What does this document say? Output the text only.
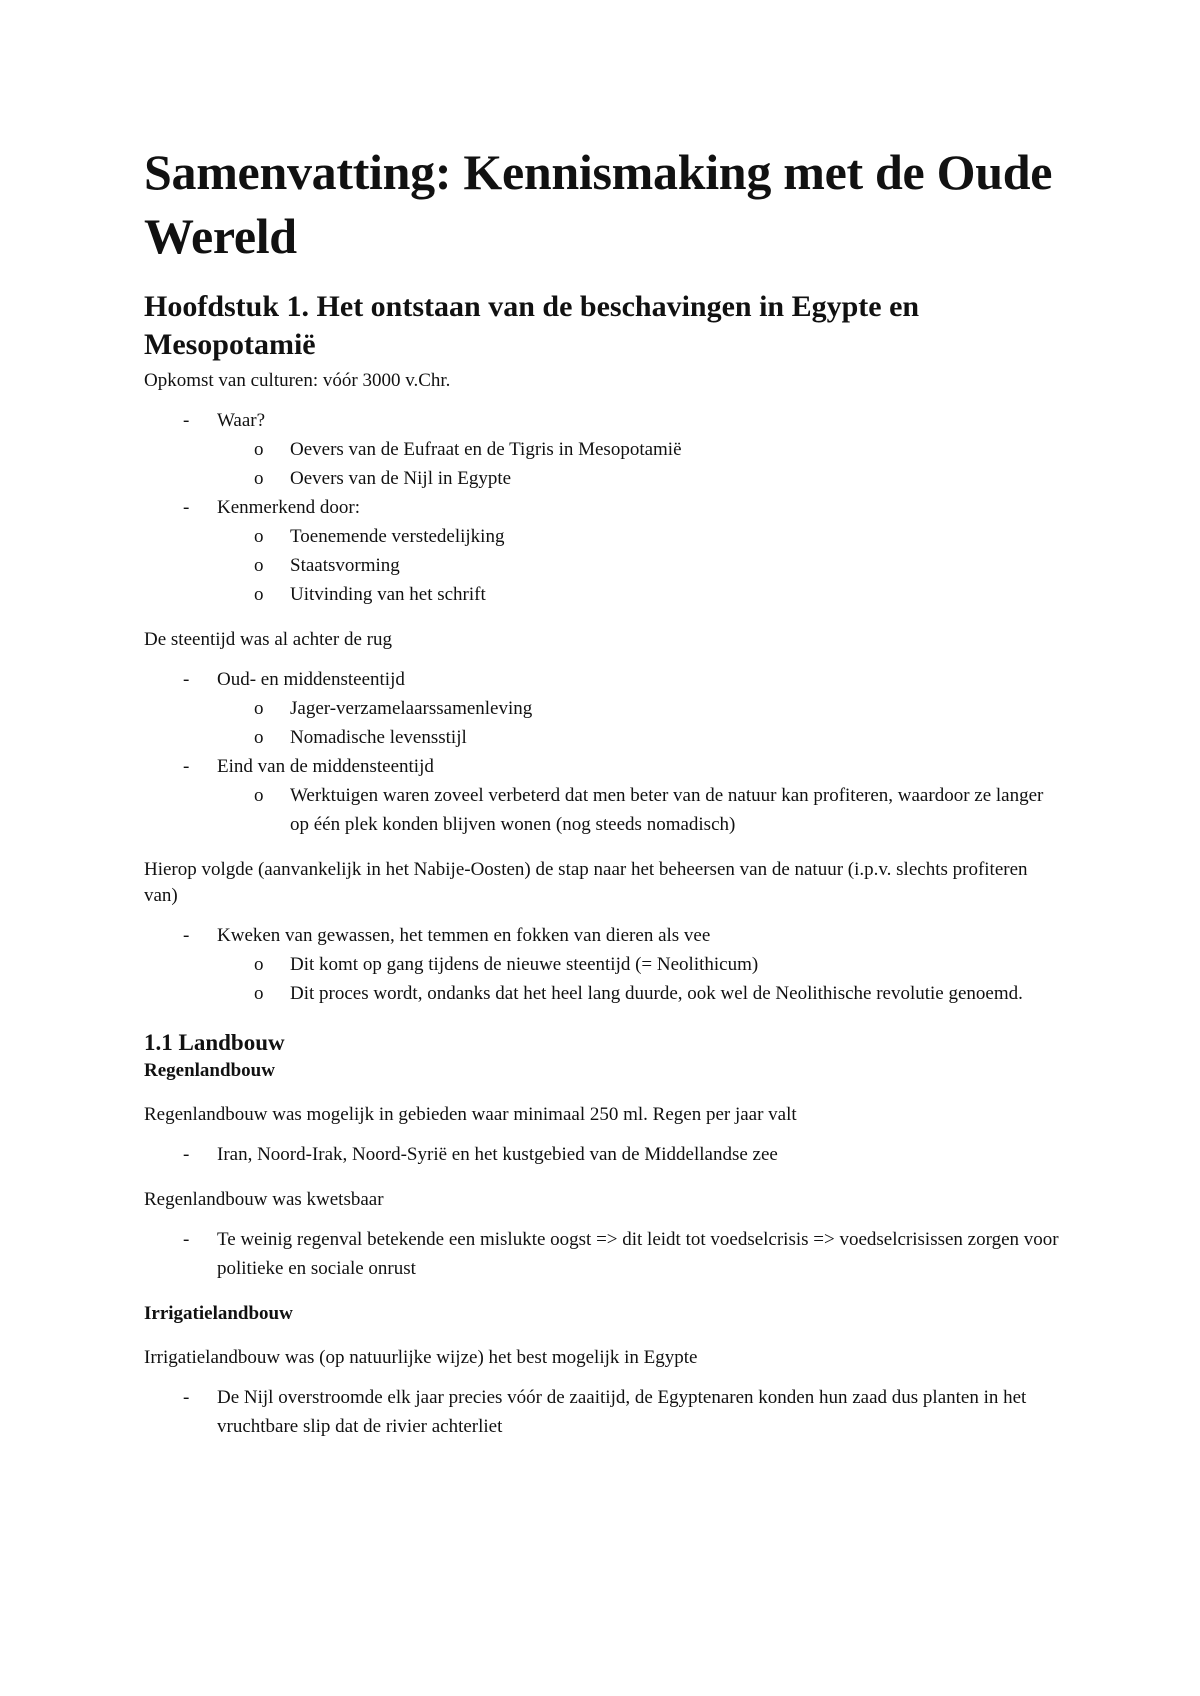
Samenvatting: Kennismaking met de Oude Wereld
Hoofdstuk 1. Het ontstaan van de beschavingen in Egypte en Mesopotamië

Opkomst van culturen: vóór 3000 v.Chr.

- Waar?
o Oevers van de Eufraat en de Tigris in Mesopotamië
o Oevers van de Nijl in Egypte
- Kenmerkend door:
o Toenemende verstedelijking
o Staatsvorming
o Uitvinding van het schrift

De steentijd was al achter de rug

- Oud- en middensteentijd
o Jager-verzamelaarssamenleving
o Nomadische levensstijl
- Eind van de middensteentijd
o Werktuigen waren zoveel verbeterd dat men beter van de natuur kan profiteren, waardoor ze langer op één plek konden blijven wonen (nog steeds nomadisch)

Hierop volgde (aanvankelijk in het Nabije-Oosten) de stap naar het beheersen van de natuur (i.p.v. slechts profiteren van)

- Kweken van gewassen, het temmen en fokken van dieren als vee
o Dit komt op gang tijdens de nieuwe steentijd (= Neolithicum)
o Dit proces wordt, ondanks dat het heel lang duurde, ook wel de Neolithische revolutie genoemd.
1.1 Landbouw
Regenlandbouw

Regenlandbouw was mogelijk in gebieden waar minimaal 250 ml. Regen per jaar valt

- Iran, Noord-Irak, Noord-Syrië en het kustgebied van de Middellandse zee

Regenlandbouw was kwetsbaar

- Te weinig regenval betekende een mislukte oogst => dit leidt tot voedselcrisis => voedselcrisissen zorgen voor politieke en sociale onrust
Irrigatielandbouw

Irrigatielandbouw was (op natuurlijke wijze) het best mogelijk in Egypte

- De Nijl overstroomde elk jaar precies vóór de zaaitijd, de Egyptenaren konden hun zaad dus planten in het vruchtbare slip dat de rivier achterliet
